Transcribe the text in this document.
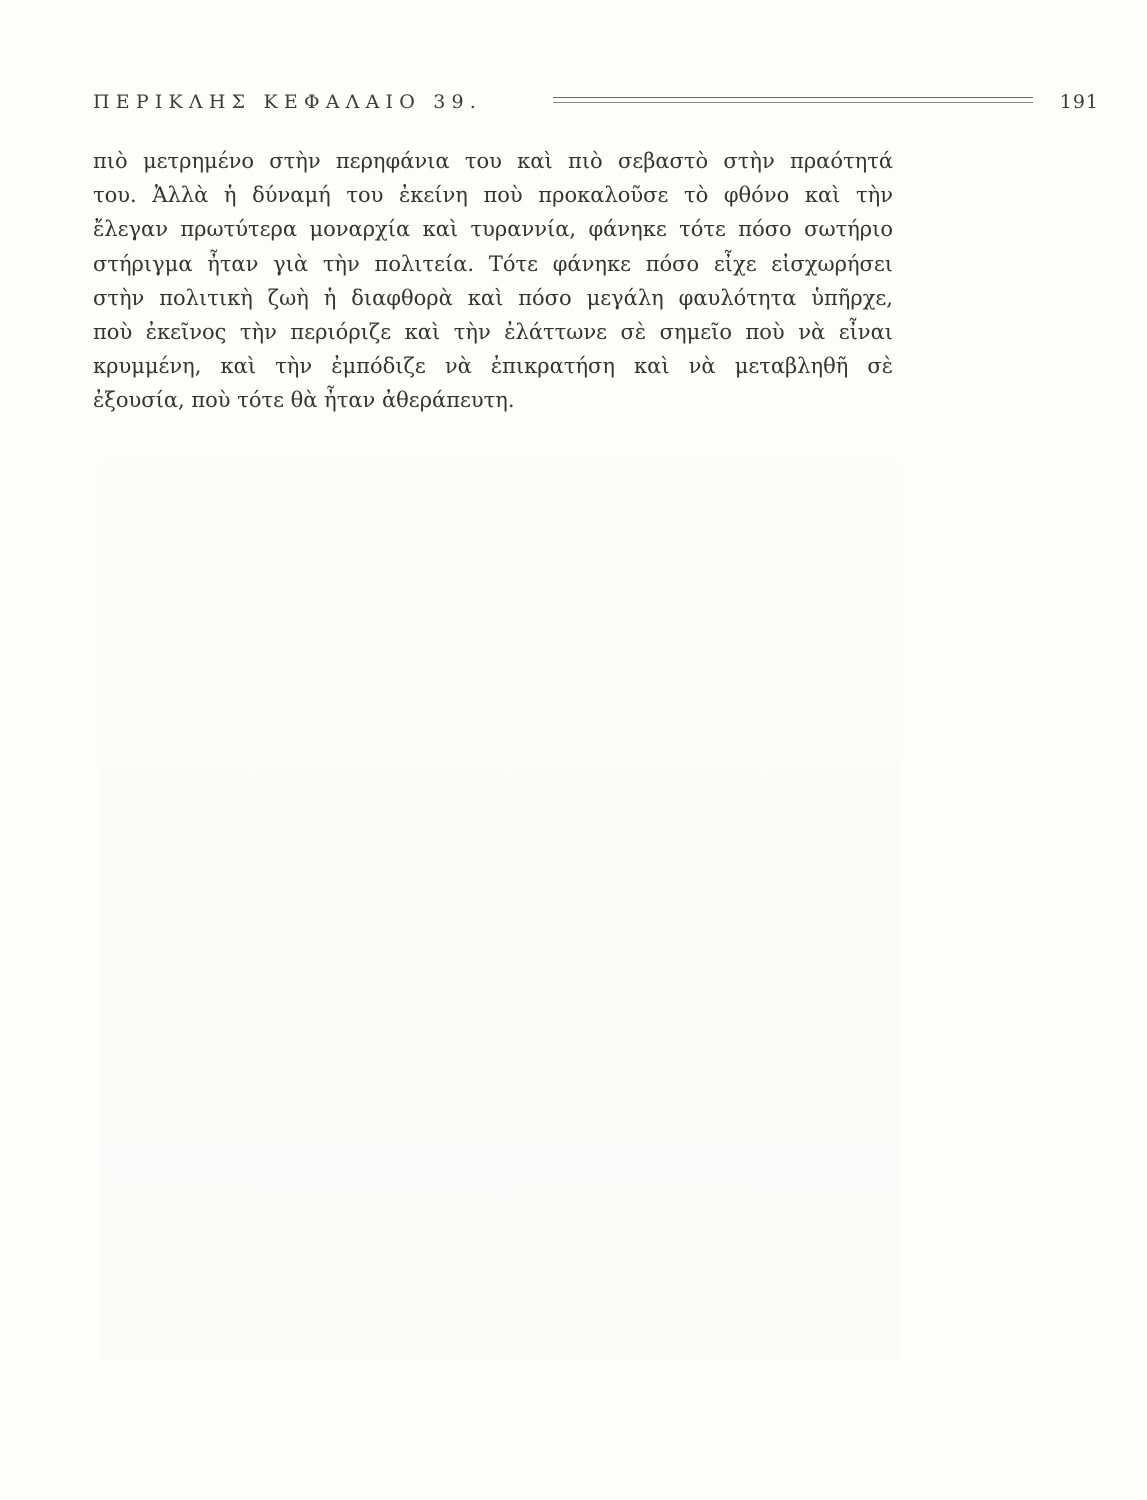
ΠΕΡΙΚΛΗΣ ΚΕΦΑΛΑΙΟ 39.	191
πιὸ μετρημένο στὴν περηφάνια του καὶ πιὸ σεβαστὸ στὴν πραότητά
του. Ἀλλὰ ἡ δύναμή του ἐκείνη ποὺ προκαλοῦσε τὸ φθόνο καὶ τὴν
ἔλεγαν πρωτύτερα μοναρχία καὶ τυραννία, φάνηκε τότε πόσο σωτήριο
στήριγμα ἦταν γιὰ τὴν πολιτεία. Τότε φάνηκε πόσο εἶχε εἰσχωρήσει
στὴν πολιτικὴ ζωὴ ἡ διαφθορὰ καὶ πόσο μεγάλη φαυλότητα ὑπῆρχε,
ποὺ ἐκεῖνος τὴν περιόριζε καὶ τὴν ἐλάττωνε σὲ σημεῖο ποὺ νὰ εἶναι
κρυμμένη, καὶ τὴν ἐμπόδιζε νὰ ἐπικρατήση καὶ νὰ μεταβληθῆ σὲ
ἐξουσία, ποὺ τότε θὰ ἦταν ἀθεράπευτη.
